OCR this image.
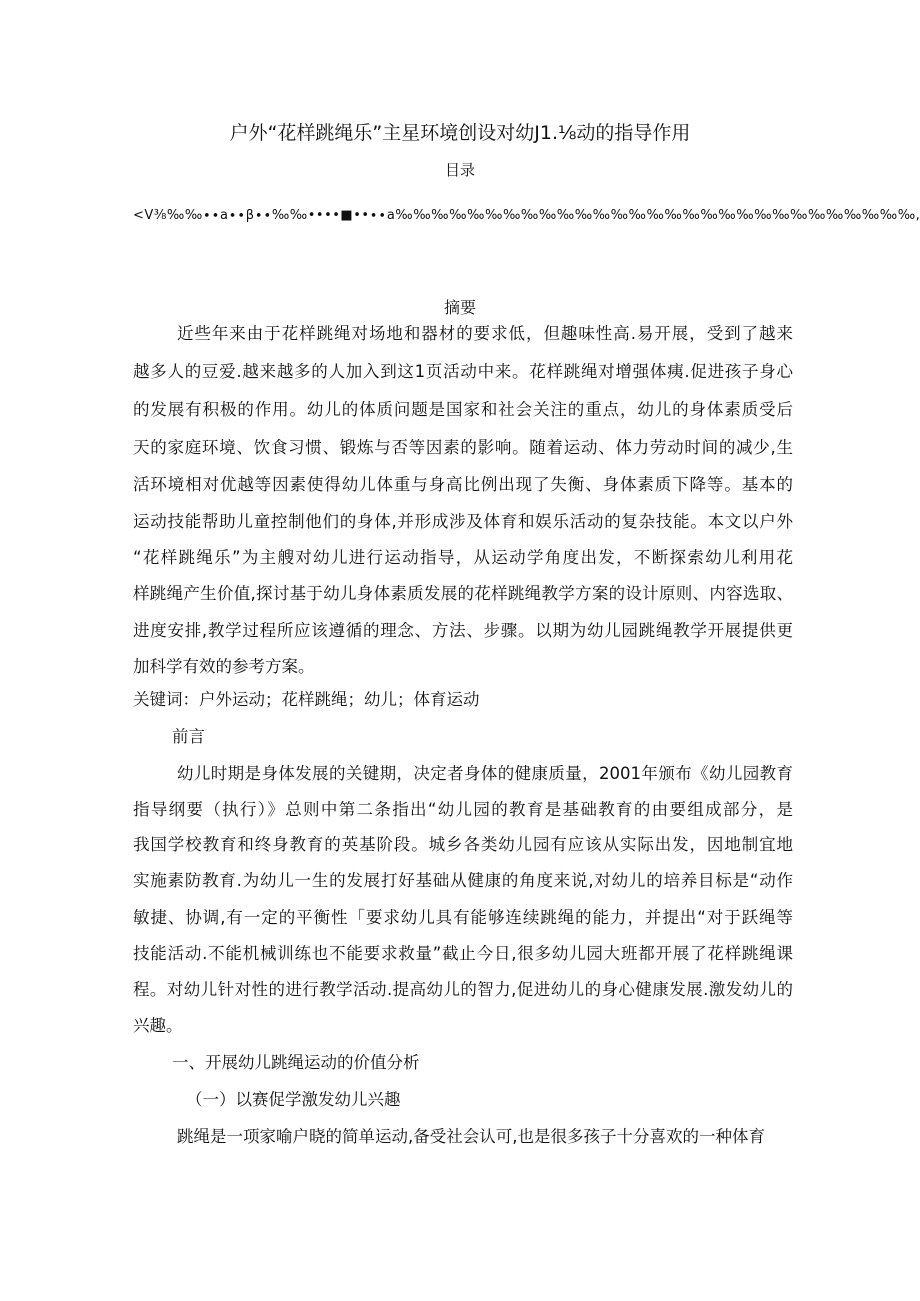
户外“花样跳绳乐”主星环境创设对幼J1.⅛动的指导作用
目录
<V⅜‰‰∙∙a∙∙β∙∙‰‰••••■••∙∙a‰‰‰‰‰‰‰‰‰‰‰‰‰‰‰‰‰‰‰‰‰‰‰‰‰‰‰‰‰,
摘要
近些年来由于花样跳绳对场地和器材的要求低，但趣味性高.易开展，受到了越来
越多人的豆爱.越来越多的人加入到这1页活动中来。花样跳绳对增强体痍.促进孩子身心
的发展有积极的作用。幼儿的体质问题是国家和社会关注的重点，幼儿的身体素质受后
天的家庭环境、饮食习惯、锻炼与否等因素的影响。随着运动、体力劳动时间的减少,生
活环境相对优越等因素使得幼儿体重与身高比例出现了失衡、身体素质下降等。基本的
运动技能帮助儿童控制他们的身体,并形成涉及体育和娱乐活动的复杂技能。本文以户外
“花样跳绳乐”为主艘对幼儿进行运动指导，从运动学角度出发，不断探索幼儿利用花
样跳绳产生价值,探讨基于幼儿身体素质发展的花样跳绳教学方案的设计原则、内容选取、
进度安排,教学过程所应该遵循的理念、方法、步骤。以期为幼儿园跳绳教学开展提供更
加科学有效的参考方案。
关键词：户外运动；花样跳绳；幼儿；体育运动
前言
幼儿时期是身体发展的关键期，决定者身体的健康质量，2001年颁布《幼儿园教育
指导纲要（执行）》总则中第二条指出“幼儿园的教育是基础教育的由要组成部分，是
我国学校教育和终身教育的英基阶段。城乡各类幼儿园有应该从实际出发，因地制宜地
实施素防教育.为幼儿一生的发展打好基础从健康的角度来说,对幼儿的培养目标是“动作
敏捷、协调,有一定的平衡性「要求幼儿具有能够连续跳绳的能力，并提出“对于跃绳等
技能活动.不能机械训练也不能要求救量”截止今日,很多幼儿园大班都开展了花样跳绳课
程。对幼儿针对性的进行教学活动.提高幼儿的智力,促进幼儿的身心健康发展.激发幼儿的
兴趣。
一、开展幼儿跳绳运动的价值分析
（一）以赛促学激发幼儿兴趣
跳绳是一项家喻户晓的简单运动,备受社会认可,也是很多孩子十分喜欢的一种体育
